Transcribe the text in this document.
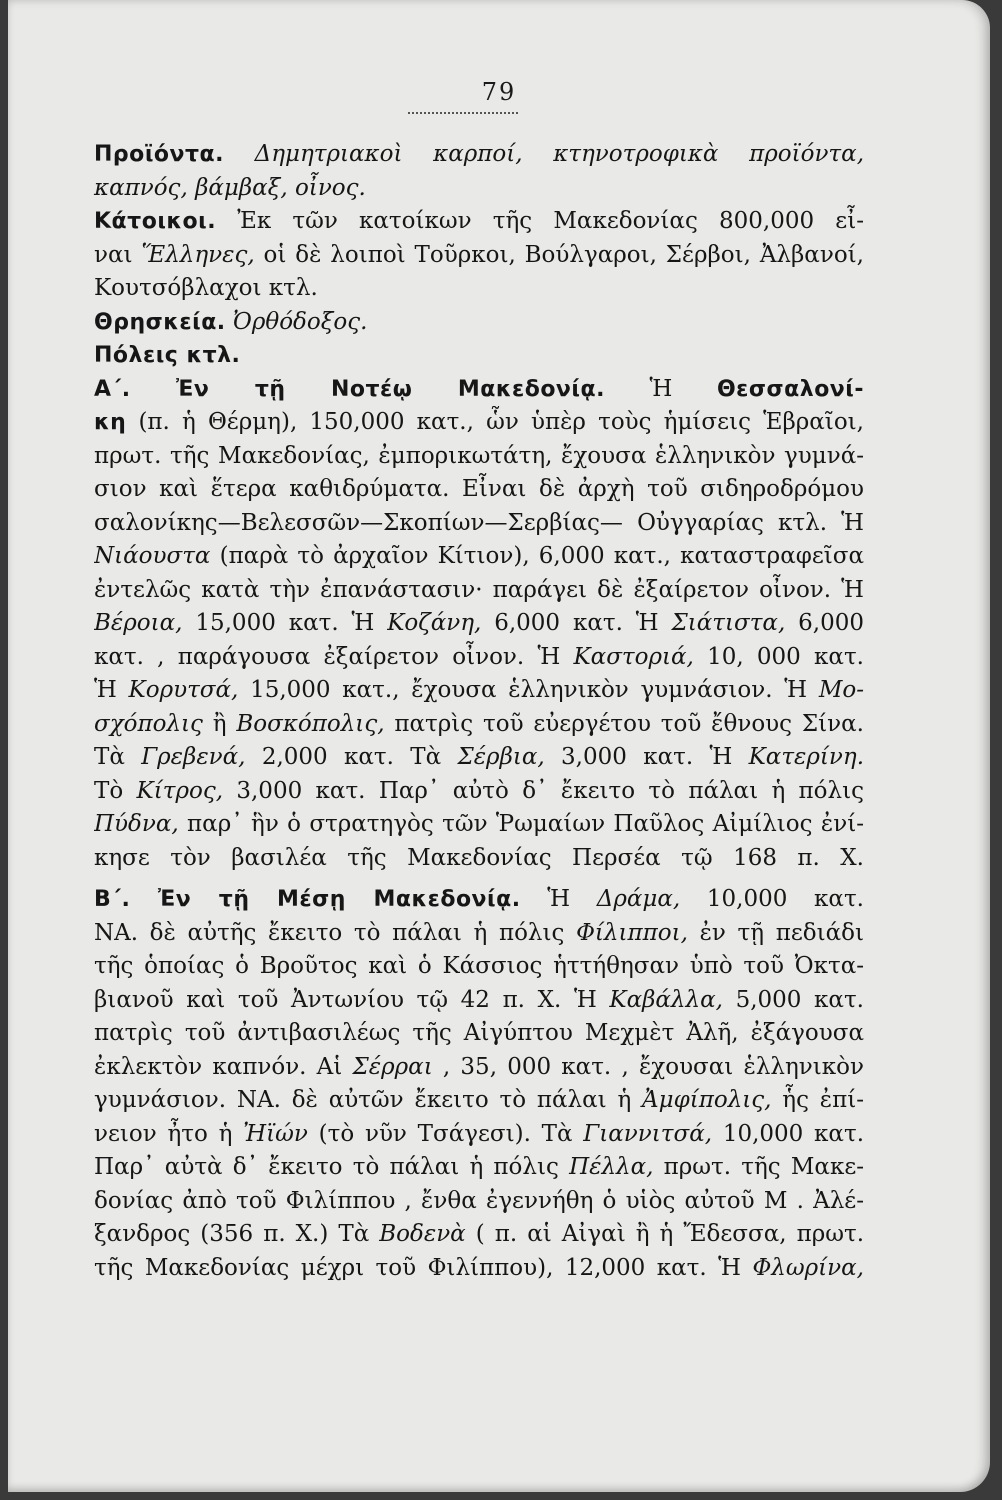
79
Προϊόντα. Δημητριακοὶ καρποί, κτηνοτροφικὰ προϊόντα,
καπνός, βάμβαξ, οἶνος.
Κάτοικοι. Ἐκ τῶν κατοίκων τῆς Μακεδονίας 800,000 εἶ-
ναι Ἕλληνες, οἱ δὲ λοιποὶ Τοῦρκοι, Βούλγαροι, Σέρβοι, Ἀλβανοί,
Κουτσόβλαχοι κτλ.
Θρησκεία. Ὀρθόδοξος.
Πόλεις κτλ.
Α΄. Ἐν τῇ Νοτέῳ Μακεδονίᾳ. Ἡ Θεσσαλονί-
κη (π. ἡ Θέρμη), 150,000 κατ., ὧν ὑπὲρ τοὺς ἡμίσεις Ἑβραῖοι,
πρωτ. τῆς Μακεδονίας, ἐμπορικωτάτη, ἔχουσα ἑλληνικὸν γυμνά-
σιον καὶ ἕτερα καθιδρύματα. Εἶναι δὲ ἀρχὴ τοῦ σιδηροδρόμου
σαλονίκης—Βελεσσῶν—Σκοπίων—Σερβίας— Οὐγγαρίας κτλ. Ἡ
Νιάουστα (παρὰ τὸ ἀρχαῖον Κίτιον), 6,000 κατ., καταστραφεῖσα
ἐντελῶς κατὰ τὴν ἐπανάστασιν· παράγει δὲ ἐξαίρετον οἶνον. Ἡ
Βέροια, 15,000 κατ. Ἡ Κοζάνη, 6,000 κατ. Ἡ Σιάτιστα, 6,000
κατ. , παράγουσα ἐξαίρετον οἶνον. Ἡ Καστοριά, 10, 000 κατ.
Ἡ Κορυτσά, 15,000 κατ., ἔχουσα ἑλληνικὸν γυμνάσιον. Ἡ Μο-
σχόπολις ἢ Βοσκόπολις, πατρὶς τοῦ εὐεργέτου τοῦ ἔθνους Σίνα.
Τὰ Γρεβενά, 2,000 κατ. Τὰ Σέρβια, 3,000 κατ. Ἡ Κατερίνη.
Τὸ Κίτρος, 3,000 κατ. Παρ᾽ αὐτὸ δ᾽ ἔκειτο τὸ πάλαι ἡ πόλις
Πύδνα, παρ᾽ ἣν ὁ στρατηγὸς τῶν Ῥωμαίων Παῦλος Αἰμίλιος ἐνί-
κησε τὸν βασιλέα τῆς Μακεδονίας Περσέα τῷ 168 π. Χ.
Β΄. Ἐν τῇ Μέσῃ Μακεδονίᾳ. Ἡ Δράμα, 10,000 κατ.
ΝΑ. δὲ αὐτῆς ἔκειτο τὸ πάλαι ἡ πόλις Φίλιπποι, ἐν τῇ πεδιάδι
τῆς ὁποίας ὁ Βροῦτος καὶ ὁ Κάσσιος ἡττήθησαν ὑπὸ τοῦ Ὀκτα-
βιανοῦ καὶ τοῦ Ἀντωνίου τῷ 42 π. Χ. Ἡ Καβάλλα, 5,000 κατ.
πατρὶς τοῦ ἀντιβασιλέως τῆς Αἰγύπτου Μεχμὲτ Ἀλῆ, ἐξάγουσα
ἐκλεκτὸν καπνόν. Αἱ Σέρραι , 35, 000 κατ. , ἔχουσαι ἑλληνικὸν
γυμνάσιον. ΝΑ. δὲ αὐτῶν ἔκειτο τὸ πάλαι ἡ Ἀμφίπολις, ἧς ἐπί-
νειον ἦτο ἡ Ἠϊών (τὸ νῦν Τσάγεσι). Τὰ Γιαννιτσά, 10,000 κατ.
Παρ᾽ αὐτὰ δ᾽ ἔκειτο τὸ πάλαι ἡ πόλις Πέλλα, πρωτ. τῆς Μακε-
δονίας ἀπὸ τοῦ Φιλίππου , ἔνθα ἐγεννήθη ὁ υἱὸς αὐτοῦ Μ . Ἀλέ-
ξανδρος (356 π. Χ.) Τὰ Βοδενὰ ( π. αἱ Αἰγαὶ ἢ ἡ Ἔδεσσα, πρωτ.
τῆς Μακεδονίας μέχρι τοῦ Φιλίππου), 12,000 κατ. Ἡ Φλωρίνα,
